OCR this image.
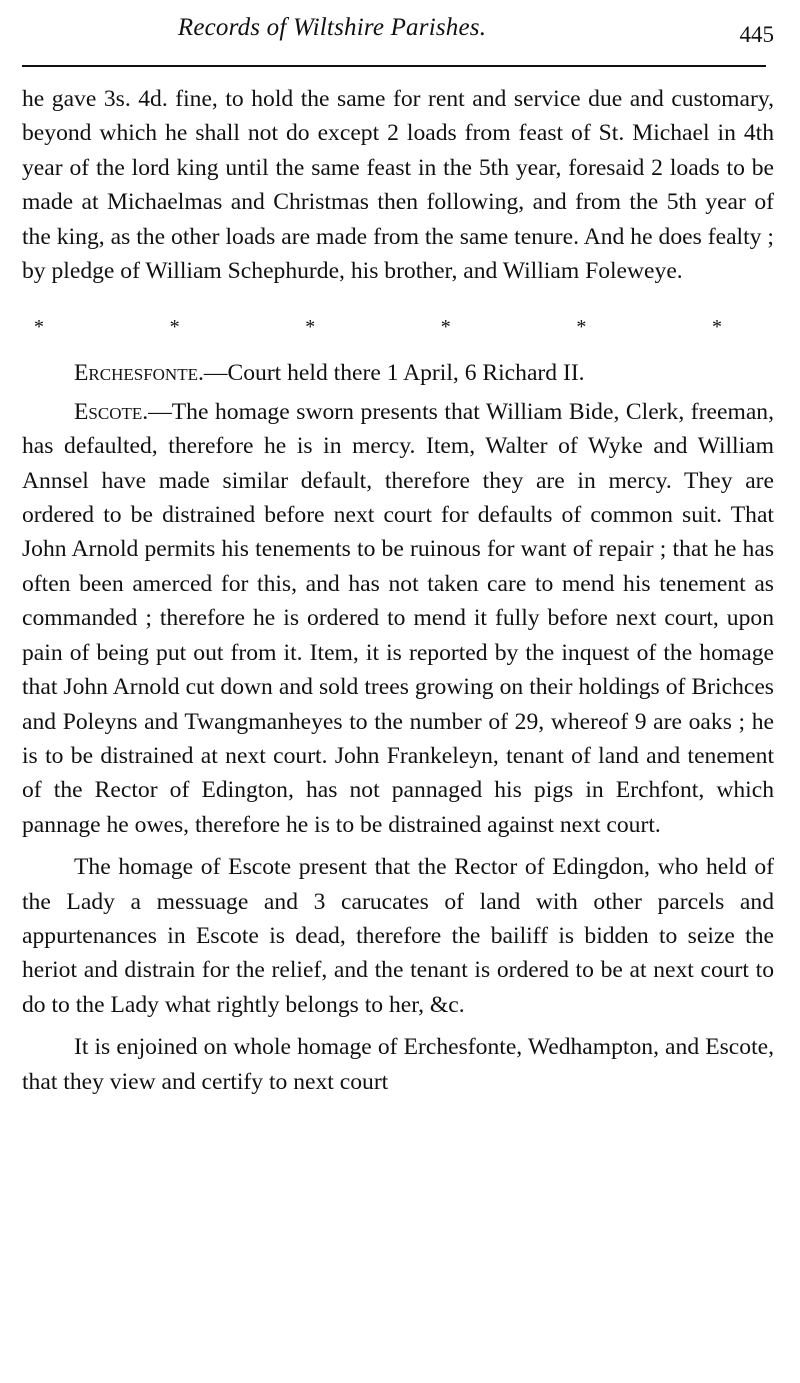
Records of Wiltshire Parishes.	445

he gave 3s. 4d. fine, to hold the same for rent and service due and customary, beyond which he shall not do except 2 loads from feast of St. Michael in 4th year of the lord king until the same feast in the 5th year, foresaid 2 loads to be made at Michaelmas and Christmas then following, and from the 5th year of the king, as the other loads are made from the same tenure. And he does fealty ; by pledge of William Schephurde, his brother, and William Foleweye.

*	*	*	*	*	*

Erchesfonte.—Court held there 1 April, 6 Richard II.

Escote.—The homage sworn presents that William Bide, Clerk, freeman, has defaulted, therefore he is in mercy. Item, Walter of Wyke and William Annsel have made similar default, therefore they are in mercy. They are ordered to be distrained before next court for defaults of common suit. That John Arnold permits his tenements to be ruinous for want of repair ; that he has often been amerced for this, and has not taken care to mend his tenement as commanded ; therefore he is ordered to mend it fully before next court, upon pain of being put out from it. Item, it is reported by the inquest of the homage that John Arnold cut down and sold trees growing on their holdings of Brichces and Poleyns and Twangmanheyes to the number of 29, whereof 9 are oaks ; he is to be distrained at next court. John Frankeleyn, tenant of land and tenement of the Rector of Edington, has not pannaged his pigs in Erchfont, which pannage he owes, therefore he is to be distrained against next court.

The homage of Escote present that the Rector of Edingdon, who held of the Lady a messuage and 3 carucates of land with other parcels and appurtenances in Escote is dead, therefore the bailiff is bidden to seize the heriot and distrain for the relief, and the tenant is ordered to be at next court to do to the Lady what rightly belongs to her, &c.

It is enjoined on whole homage of Erchesfonte, Wedhampton, and Escote, that they view and certify to next court
